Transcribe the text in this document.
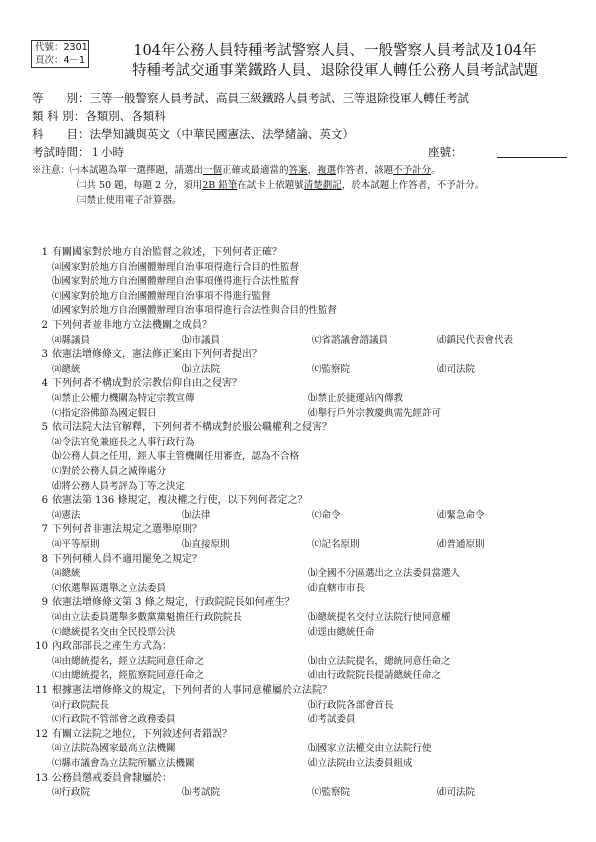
代號：2301
頁次：4－1
104年公務人員特種考試警察人員、一般警察人員考試及104年
特種考試交通事業鐵路人員、退除役軍人轉任公務人員考試試題
等　　別：三等一般警察人員考試、高員三級鐵路人員考試、三等退除役軍人轉任考試
類 科 別：各類別、各類科
科　　目：法學知識與英文（中華民國憲法、法學緒論、英文）
考試時間：１小時	座號：
※注意：㈠本試題為單一選擇題，請選出一個正確或最適當的答案，複選作答者，該題不予計分。
㈡共 50 題，每題 2 分，須用2B 鉛筆在試卡上依題號清楚劃記，於本試題上作答者，不予計分。
㈢禁止使用電子計算器。
1 有關國家對於地方自治監督之敘述，下列何者正確？
⒜國家對於地方自治團體辦理自治事項得進行合目的性監督
⒝國家對於地方自治團體辦理自治事項僅得進行合法性監督
⒞國家對於地方自治團體辦理自治事項不得進行監督
⒟國家對於地方自治團體辦理自治事項得進行合法性與合目的性監督
2 下列何者並非地方立法機關之成員？
⒜縣議員	⒝市議員	⒞省諮議會諮議員	⒟鎮民代表會代表
3 依憲法增修條文，憲法修正案由下列何者提出？
⒜總統	⒝立法院	⒞監察院	⒟司法院
4 下列何者不構成對於宗教信仰自由之侵害？
⒜禁止公權力機關為特定宗教宣傳	⒝禁止於捷運站內傳教
⒞指定浴佛節為國定假日	⒟舉行戶外宗教慶典需先經許可
5 依司法院大法官解釋，下列何者不構成對於服公職權利之侵害？
⒜令法官免兼庭長之人事行政行為
⒝公務人員之任用，經人事主管機關任用審查，認為不合格
⒞對於公務人員之減俸處分
⒟將公務人員考評為丁等之決定
6 依憲法第 136 條規定，複決權之行使，以下列何者定之？
⒜憲法	⒝法律	⒞命令	⒟緊急命令
7 下列何者非憲法規定之選舉原則？
⒜平等原則	⒝直接原則	⒞記名原則	⒟普通原則
8 下列何種人員不適用罷免之規定？
⒜總統	⒝全國不分區選出之立法委員當選人
⒞依選舉區選舉之立法委員	⒟直轄市市長
9 依憲法增修條文第 3 條之規定，行政院院長如何產生？
⒜由立法委員選舉多數黨黨魁擔任行政院院長	⒝總統提名交付立法院行使同意權
⒞總統提名交由全民投票公決	⒟逕由總統任命
10 內政部部長之產生方式為：
⒜由總統提名，經立法院同意任命之	⒝由立法院提名，總統同意任命之
⒞由總統提名，經監察院同意任命之	⒟由行政院院長提請總統任命之
11 根據憲法增修條文的規定，下列何者的人事同意權屬於立法院？
⒜行政院院長	⒝行政院各部會首長
⒞行政院不管部會之政務委員	⒟考試委員
12 有關立法院之地位，下列敘述何者錯誤？
⒜立法院為國家最高立法機關	⒝國家立法權交由立法院行使
⒞縣市議會為立法院所屬立法機關	⒟立法院由立法委員組成
13 公務員懲戒委員會隸屬於：
⒜行政院	⒝考試院	⒞監察院	⒟司法院
